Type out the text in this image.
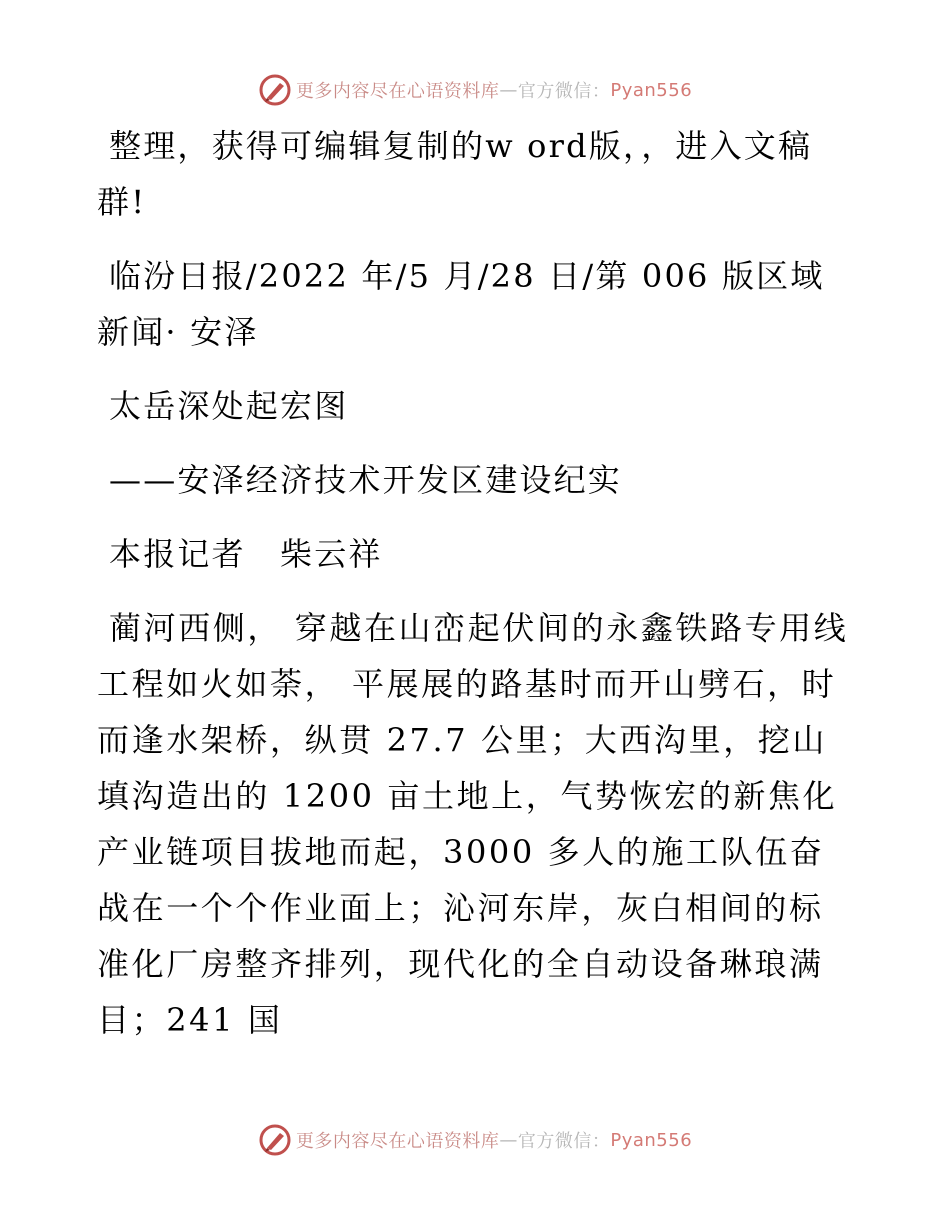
更多内容尽在心语资料库 — 官方微信： Pyan556

整理，获得可编辑复制的w ord版，，进入文稿群!

临汾日报/2022 年/5 月/28 日/第 006 版区域新闻· 安泽

太岳深处起宏图

——安泽经济技术开发区建设纪实

本报记者　柴云祥

蔺河西侧， 穿越在山峦起伏间的永鑫铁路专用线工程如火如荼， 平展展的路基时而开山劈石，时而逢水架桥，纵贯 27.7 公里；大西沟里，挖山填沟造出的 1200 亩土地上，气势恢宏的新焦化产业链项目拔地而起，3000 多人的施工队伍奋战在一个个作业面上；沁河东岸，灰白相间的标准化厂房整齐排列，现代化的全自动设备琳琅满目；241 国

更多内容尽在心语资料库 — 官方微信： Pyan556
